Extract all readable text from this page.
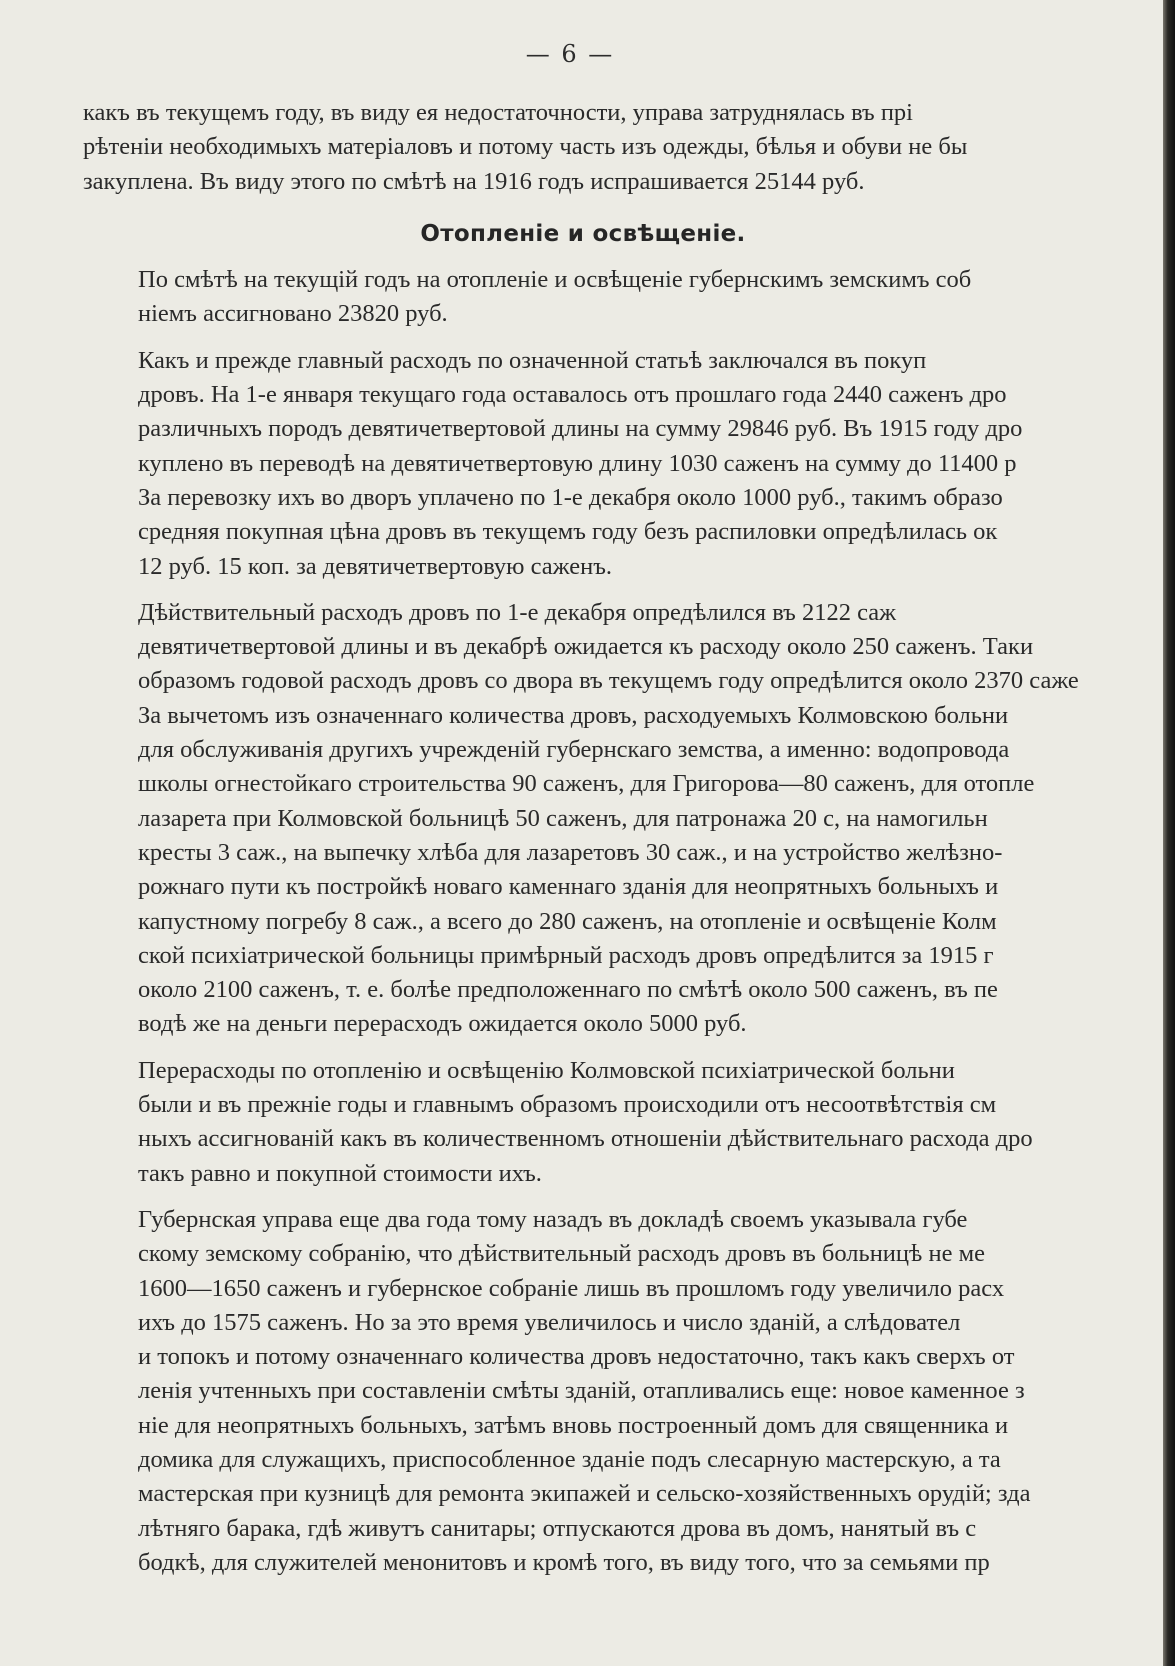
— 6 —

какъ въ текущемъ году, въ виду ея недостаточности, управа затруднялась въ прі
рѣтеніи необходимыхъ матеріаловъ и потому часть изъ одежды, бѣлья и обуви не бы
закуплена. Въ виду этого по смѣтѣ на 1916 годъ испрашивается 25144 руб.

Отопленіе и освѣщеніе.

По смѣтѣ на текущій годъ на отопленіе и освѣщеніе губернскимъ земскимъ соб
ніемъ ассигновано 23820 руб.

Какъ и прежде главный расходъ по означенной статьѣ заключался въ покуп
дровъ. На 1-е января текущаго года оставалось отъ прошлаго года 2440 саженъ дро
различныхъ породъ девятичетвертовой длины на сумму 29846 руб. Въ 1915 году дро
куплено въ переводѣ на девятичетвертовую длину 1030 саженъ на сумму до 11400 р
За перевозку ихъ во дворъ уплачено по 1-е декабря около 1000 руб., такимъ образо
средняя покупная цѣна дровъ въ текущемъ году безъ распиловки опредѣлилась ок
12 руб. 15 коп. за девятичетвертовую саженъ.

Дѣйствительный расходъ дровъ по 1-е декабря опредѣлился въ 2122 саж
девятичетвертовой длины и въ декабрѣ ожидается къ расходу около 250 саженъ. Таки
образомъ годовой расходъ дровъ со двора въ текущемъ году опредѣлится около 2370 саже
За вычетомъ изъ означеннаго количества дровъ, расходуемыхъ Колмовскою больни
для обслуживанія другихъ учрежденій губернскаго земства, а именно: водопровода
школы огнестойкаго строительства 90 саженъ, для Григорова—80 саженъ, для отопле
лазарета при Колмовской больницѣ 50 саженъ, для патронажа 20 с, на намогильн
кресты 3 саж., на выпечку хлѣба для лазаретовъ 30 саж., и на устройство желѣзно-
рожнаго пути къ постройкѣ новаго каменнаго зданія для неопрятныхъ больныхъ и
капустному погребу 8 саж., а всего до 280 саженъ, на отопленіе и освѣщеніе Колм
ской психіатрической больницы примѣрный расходъ дровъ опредѣлится за 1915 г
около 2100 саженъ, т. е. болѣе предположеннаго по смѣтѣ около 500 саженъ, въ пе
водѣ же на деньги перерасходъ ожидается около 5000 руб.

Перерасходы по отопленію и освѣщенію Колмовской психіатрической больни
были и въ прежніе годы и главнымъ образомъ происходили отъ несоотвѣтствія см
ныхъ ассигнованій какъ въ количественномъ отношеніи дѣйствительнаго расхода дро
такъ равно и покупной стоимости ихъ.

Губернская управа еще два года тому назадъ въ докладѣ своемъ указывала губе
скому земскому собранію, что дѣйствительный расходъ дровъ въ больницѣ не ме
1600—1650 саженъ и губернское собраніе лишь въ прошломъ году увеличило расх
ихъ до 1575 саженъ. Но за это время увеличилось и число зданій, а слѣдовател
и топокъ и потому означеннаго количества дровъ недостаточно, такъ какъ сверхъ от
ленія учтенныхъ при составленіи смѣты зданій, отапливались еще: новое каменное з
ніе для неопрятныхъ больныхъ, затѣмъ вновь построенный домъ для священника и
домика для служащихъ, приспособленное зданіе подъ слесарную мастерскую, а та
мастерская при кузницѣ для ремонта экипажей и сельско-хозяйственныхъ орудій; зда
лѣтняго барака, гдѣ живутъ санитары; отпускаются дрова въ домъ, нанятый въ с
бодкѣ, для служителей менонитовъ и кромѣ того, въ виду того, что за семьями пр
